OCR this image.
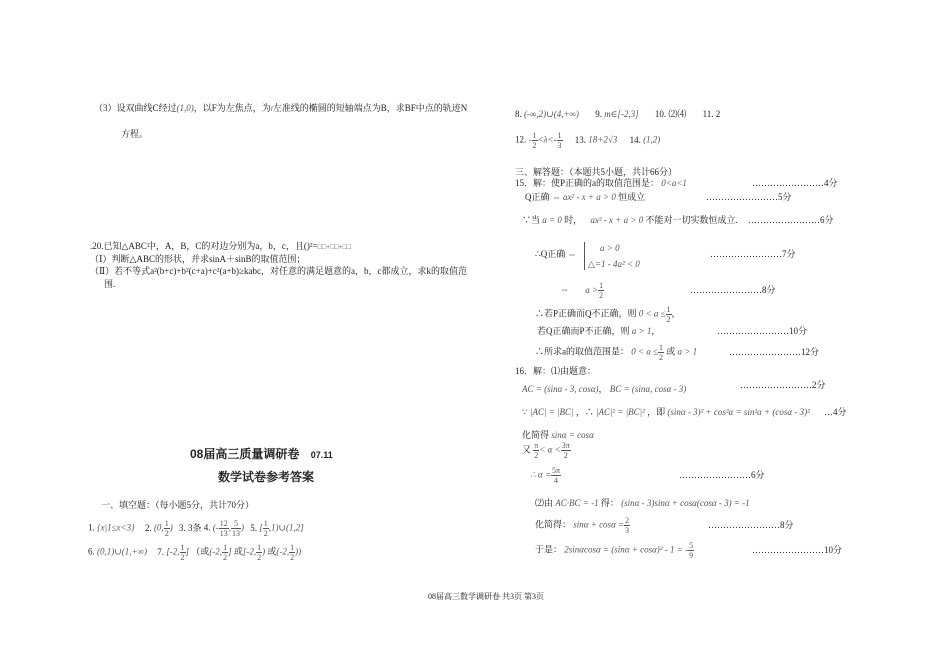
（3）设双曲线C经过(1,0)，以F为左焦点，为l左准线的椭圆的短轴端点为B，求BF中点的轨迹N
方程。
.20.已知△ABC中，A，B，C的对边分别为a，b，c，且()²=□□+□□+□□
（Ⅰ）判断△ABC的形状，并求sinA＋sinB的取值范围；
（Ⅱ）若不等式a²(b+c)+b²(c+a)+c²(a+b)≥kabc，对任意的满足题意的a，b，c都成立，求k的取值范
围.
08届高三质量调研卷 07.11
数学试卷参考答案
一、填空题：（每小题5分，共计70分）
1. {x|1≤x<3} 2. (0, $\frac{1}{2}$ ) 3. 3条 4. (- $\frac{12}{13}$ , $\frac{5}{13}$ ) 5. [ $\frac{1}{2}$ ,1)∪(1,2]
6. (0,1)∪(1,+∞) 7. [-2, $\frac{1}{2}$ ] （或(-2, $\frac{1}{2}$ ] 或[-2, $\frac{1}{2}$ ) 或(-2, $\frac{1}{2}$ ))
8. (-∞,2)∪(4,+∞) 9. m∈[-2,3] 10. ⑵⑷ 11. 2
12. - $\frac{1}{2} <\lambda<- \frac{1}{3} 13$. 18+2√3 14. (1,2)
三、解答题：（本题共5小题，共计66分）
15．解：使P正确的a的取值范围是： 0<a<1	……………………4分
Q正确 ⇔ ax² - x + a > 0 恒成立	……………………5分
∵当 a = 0 时， ax² - x + a > 0 不能对一切实数恒成立. ……………………6分
∴Q正确 ⇔
a > 0
△=1 - 4a² < 0
……………………7分
⇔ $a > \frac{1}{2}$	……………………8分
∴若P正确而Q不正确，则 $0 < a \le \frac{1}{2}$ ，
若Q正确而P不正确，则 a > 1，	……………………10分
∴所求a的取值范围是： $0 < a \le \frac{1}{2}$ 或 a > 1	……………………12分
16．解：⑴由题意：
AC = (sinα - 3, cosα)， BC = (sinα, cosα - 3)	……………………2分
∵ |AC| = |BC| ，∴ |AC|² = |BC|² ，即 (sinα - 3)² + cos²α = sin²α + (cosα - 3)² …4分
化简得 sinα = cosα
又 $\frac{\pi}{2} < \alpha < \frac{3\pi}{2}$
∴ $\alpha = \frac{5\pi}{4}$	……………………6分
⑵由 AC·BC = -1 得： (sinα - 3)sinα + cosα(cosα - 3) = -1
化简得： $\sin\alpha + \cos\alpha = \frac{2}{3}$	……………………8分
于是： 2sinαcosα = (sinα + cosα)² - 1 = - $\frac{5}{9}$	……………………10分
08届高三数学调研卷 共3页 第3页
